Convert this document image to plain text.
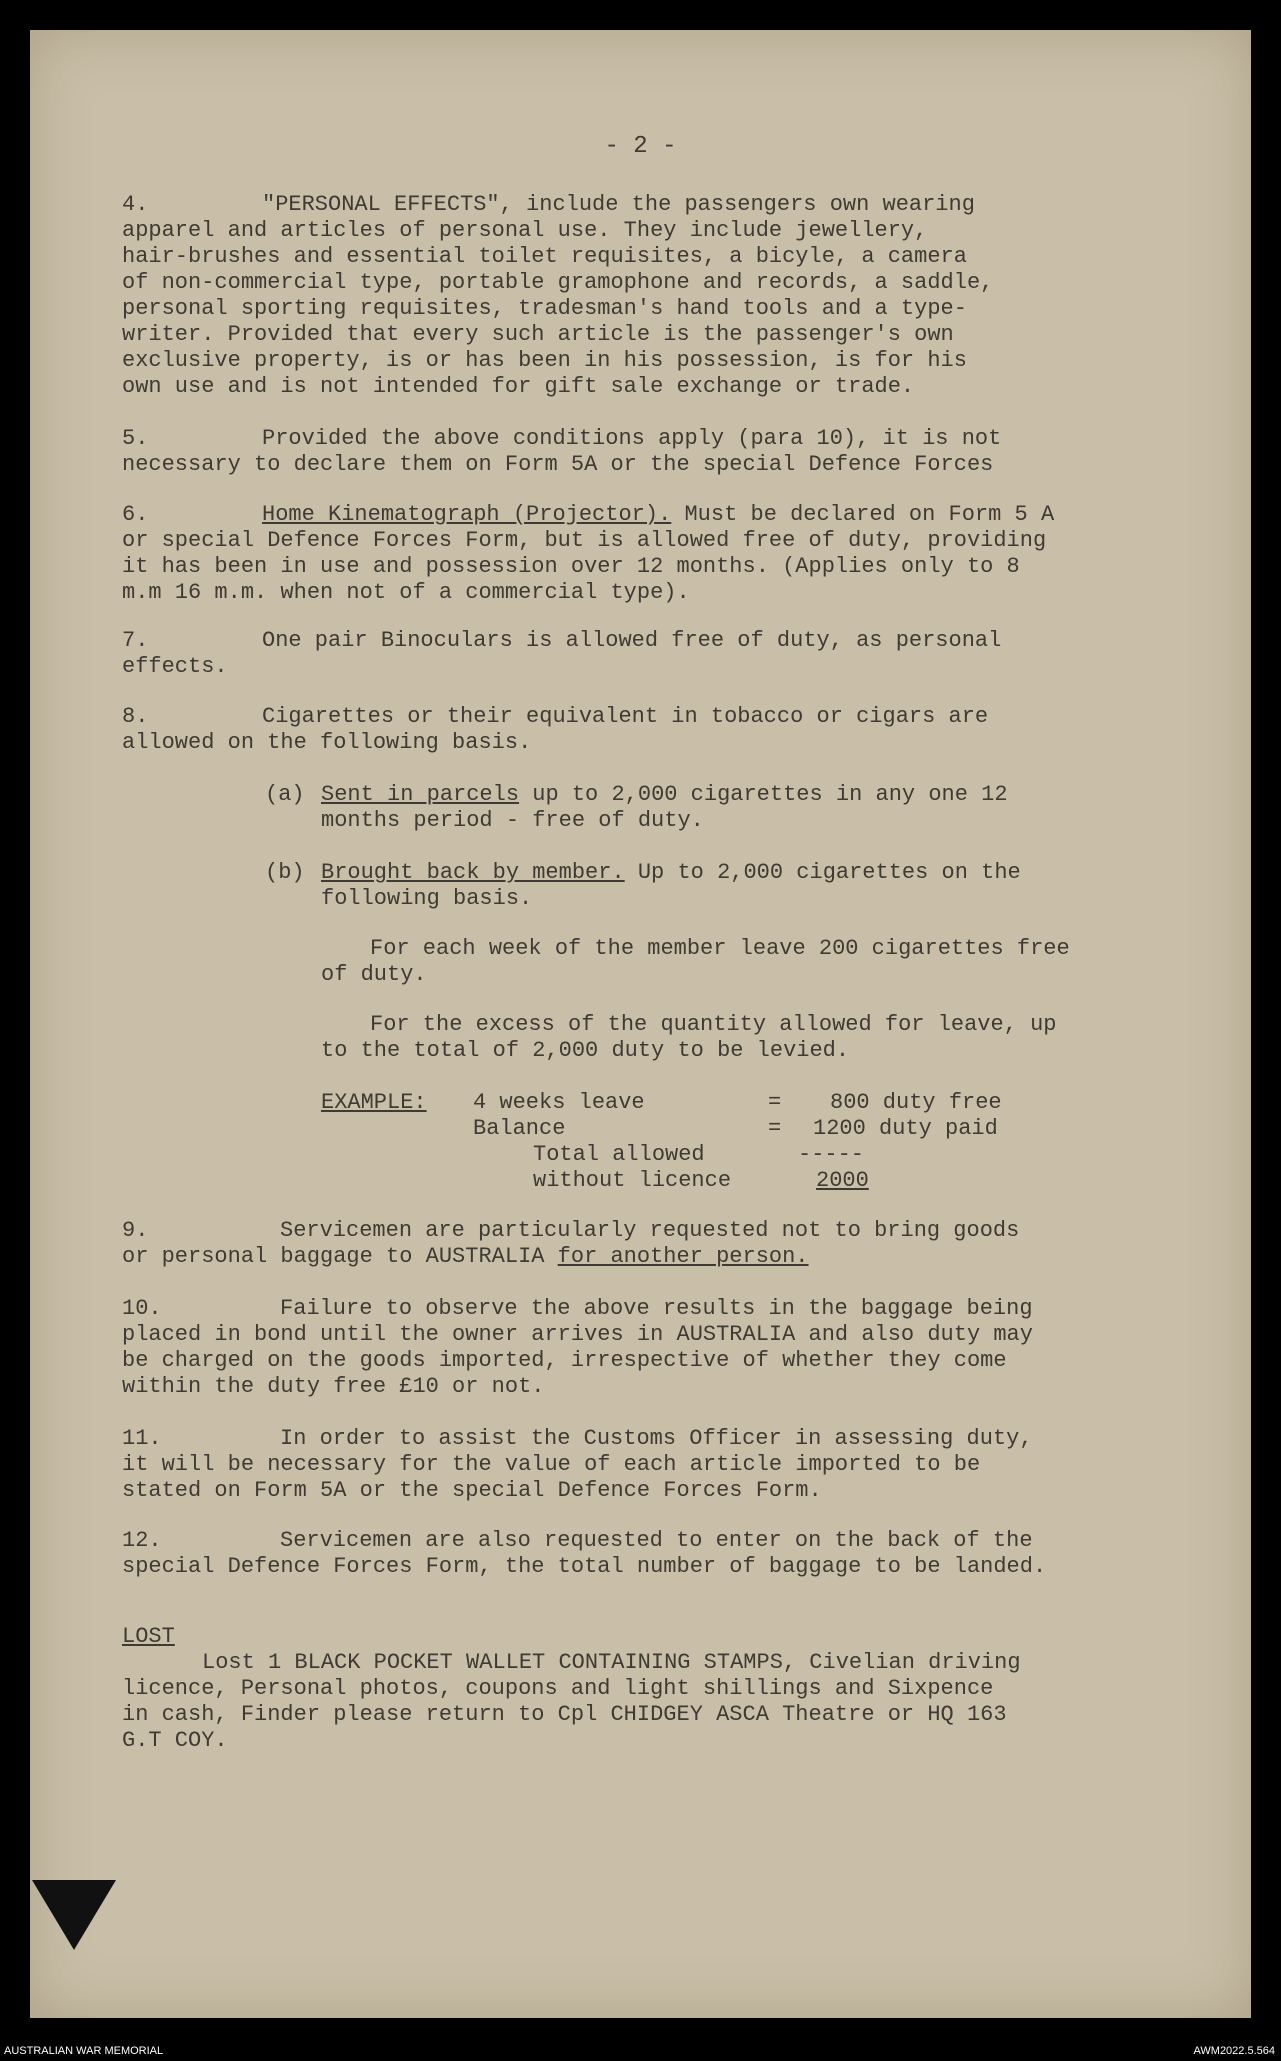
- 2 -
4.	"PERSONAL EFFECTS", include the passengers own wearing
apparel and articles of personal use. They include jewellery,
hair-brushes and essential toilet requisites, a bicyle, a camera
of non-commercial type, portable gramophone and records, a saddle,
personal sporting requisites, tradesman's hand tools and a type-
writer. Provided that every such article is the passenger's own
exclusive property, is or has been in his possession, is for his
own use and is not intended for gift sale exchange or trade.
5.	Provided the above conditions apply (para 10), it is not
necessary to declare them on Form 5A or the special Defence Forces
6.	Home Kinematograph (Projector). Must be declared on Form 5 A
or special Defence Forces Form, but is allowed free of duty, providing
it has been in use and possession over 12 months. (Applies only to 8
m.m 16 m.m. when not of a commercial type).
7.	One pair Binoculars is allowed free of duty, as personal
effects.
8.	Cigarettes or their equivalent in tobacco or cigars are
allowed on the following basis.
(a) Sent in parcels up to 2,000 cigarettes in any one 12
months period - free of duty.
(b) Brought back by member. Up to 2,000 cigarettes on the
following basis.
For each week of the member leave 200 cigarettes free
of duty.
For the excess of the quantity allowed for leave, up
to the total of 2,000 duty to be levied.
EXAMPLE: 4 weeks leave	= 800 duty free
Balance	= 1200 duty paid
Total allowed	-----
without licence	2000
9.	Servicemen are particularly requested not to bring goods
or personal baggage to AUSTRALIA for another person.
10.	Failure to observe the above results in the baggage being
placed in bond until the owner arrives in AUSTRALIA and also duty may
be charged on the goods imported, irrespective of whether they come
within the duty free £10 or not.
11.	In order to assist the Customs Officer in assessing duty,
it will be necessary for the value of each article imported to be
stated on Form 5A or the special Defence Forces Form.
12.	Servicemen are also requested to enter on the back of the
special Defence Forces Form, the total number of baggage to be landed.
LOST
Lost 1 BLACK POCKET WALLET CONTAINING STAMPS, Civelian driving
licence, Personal photos, coupons and light shillings and Sixpence
in cash, Finder please return to Cpl CHIDGEY ASCA Theatre or HQ 163
G.T COY.
AUSTRALIAN WAR MEMORIAL	AWM2022.5.564
